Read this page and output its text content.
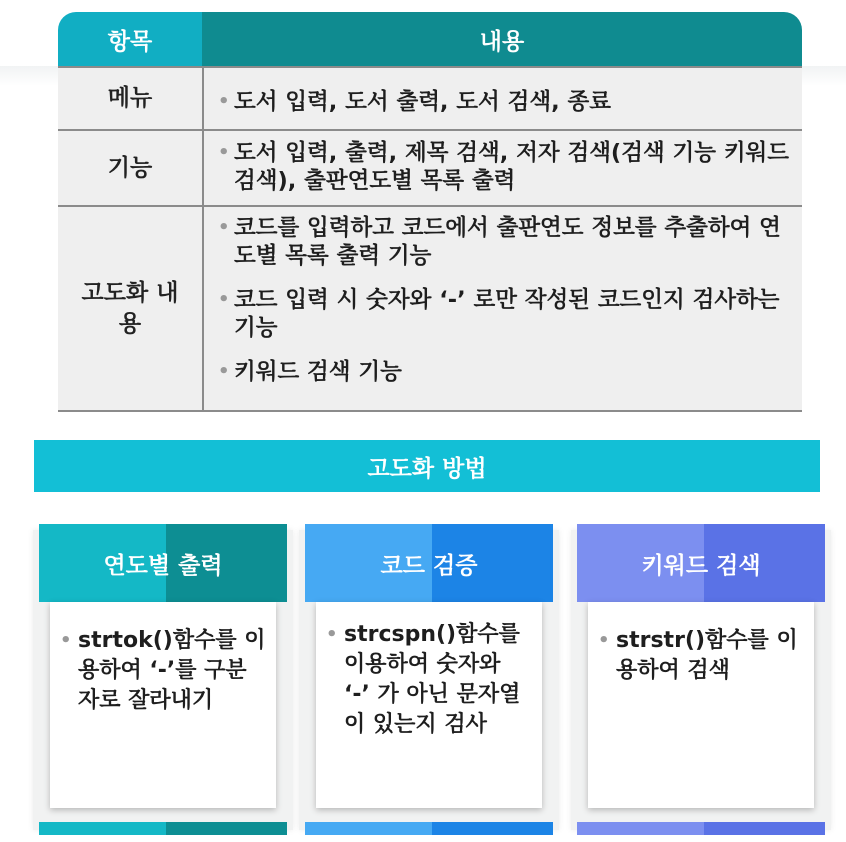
항목	내용
메뉴
•	도서 입력, 도서 출력, 도서 검색, 종료
기능
• 도서 입력, 출력, 제목 검색, 저자 검색(검색 기능 키워드 검색), 출판연도별 목록 출력
고도화 내용
• 코드를 입력하고 코드에서 출판연도 정보를 추출하여 연도별 목록 출력 기능
• 코드 입력 시 숫자와 ‘-’ 로만 작성된 코드인지 검사하는 기능
• 키워드 검색 기능
고도화 방법
연도별 출력
• strtok()함수를 이용하여 ‘-’를 구분자로 잘라내기
코드 검증
• strcspn()함수를 이용하여 숫자와 ‘-’ 가 아닌 문자열이 있는지 검사
키워드 검색
• strstr()함수를 이용하여 검색
